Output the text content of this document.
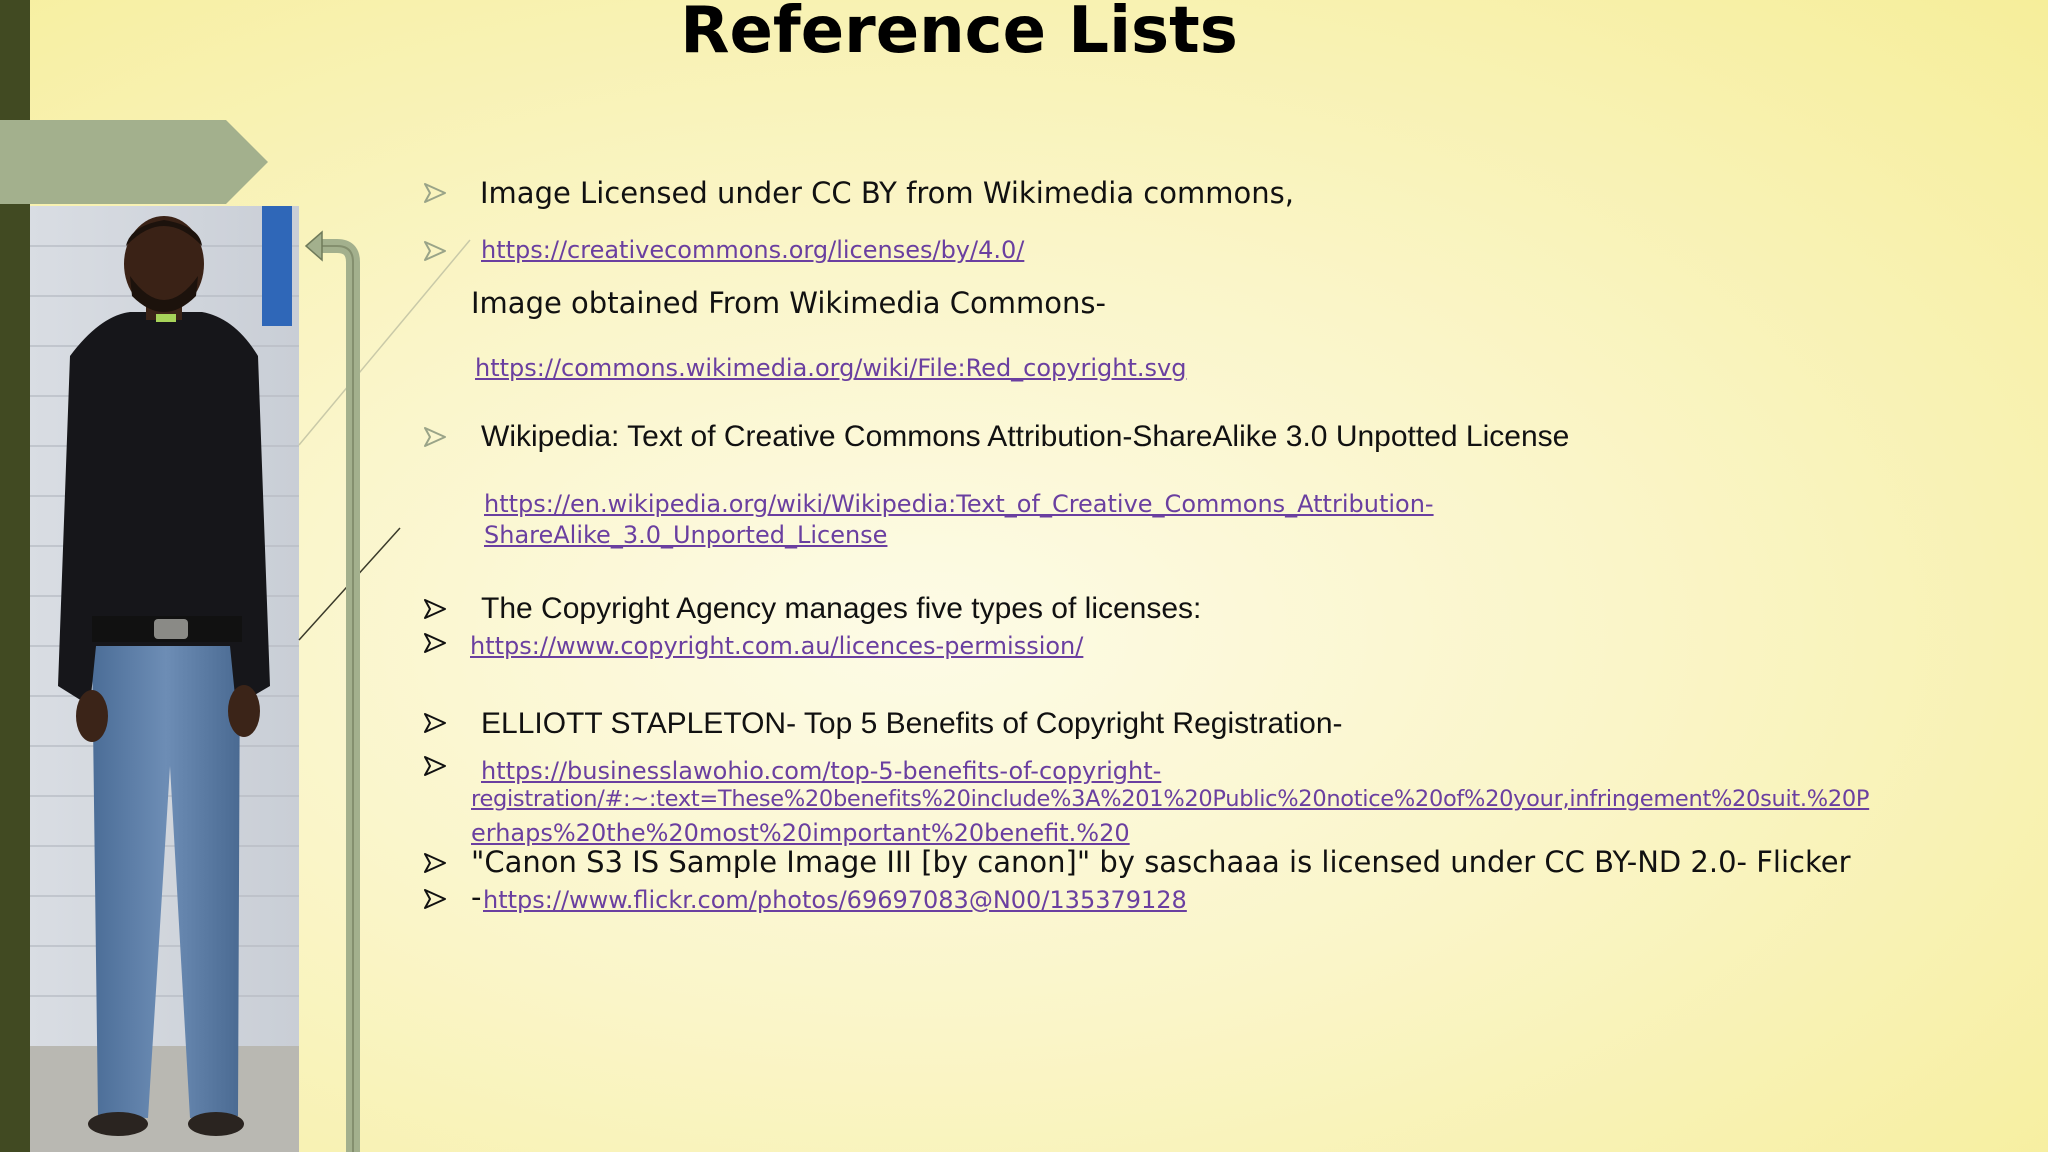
Reference Lists
Image Licensed under CC BY from Wikimedia commons,
https://creativecommons.org/licenses/by/4.0/
Image obtained From Wikimedia Commons-
https://commons.wikimedia.org/wiki/File:Red_copyright.svg
Wikipedia: Text of Creative Commons Attribution-ShareAlike 3.0 Unpotted License
https://en.wikipedia.org/wiki/Wikipedia:Text_of_Creative_Commons_Attribution-
ShareAlike_3.0_Unported_License
The Copyright Agency manages five types of licenses:
https://www.copyright.com.au/licences-permission/
ELLIOTT STAPLETON- Top 5 Benefits of Copyright Registration-
https://businesslawohio.com/top-5-benefits-of-copyright-
registration/#:~:text=These%20benefits%20include%3A%201%20Public%20notice%20of%20your,infringement%20suit.%20P
erhaps%20the%20most%20important%20benefit.%20
"Canon S3 IS Sample Image III [by canon]" by saschaaa is licensed under CC BY-ND 2.0- Flicker
- https://www.flickr.com/photos/69697083@N00/135379128
